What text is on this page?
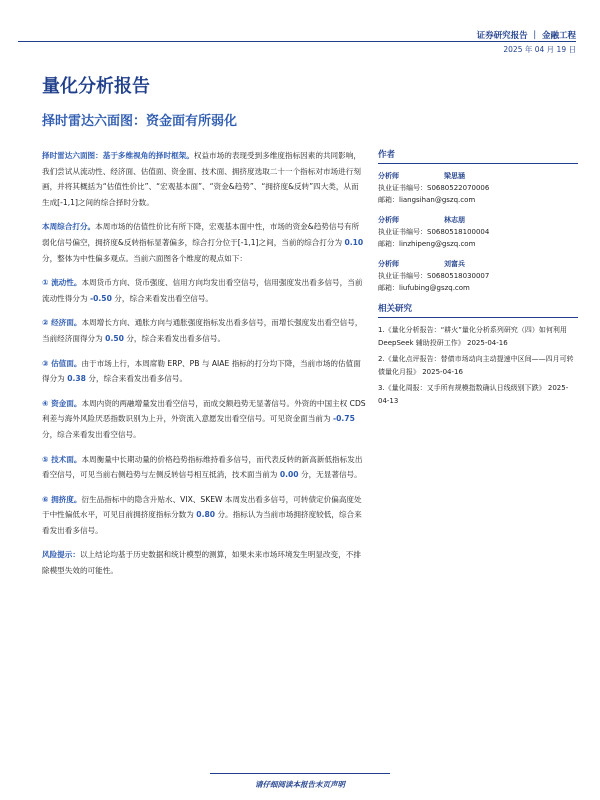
证券研究报告 ｜ 金融工程
2025 年 04 月 19 日
量化分析报告
择时雷达六面图：资金面有所弱化

择时雷达六面图：基于多维视角的择时框架。权益市场的表现受到多维度指标因素的共同影响，我们尝试从流动性、经济面、估值面、资金面、技术面、拥挤度选取二十一个指标对市场进行刻画，并将其概括为“估值性价比”、“宏观基本面”、“资金&趋势”、“拥挤度&反转”四大类，从而生成[-1,1]之间的综合择时分数。

本周综合打分。本周市场的估值性价比有所下降，宏观基本面中性，市场的资金&趋势信号有所弱化信号偏空，拥挤度&反转指标显著偏多，综合打分位于[-1,1]之间，当前的综合打分为 0.10 分，整体为中性偏多观点。当前六面图各个维度的观点如下：

① 流动性。本周货币方向、货币强度、信用方向均发出看空信号，信用强度发出看多信号，当前流动性得分为 -0.50 分，综合来看发出看空信号。

② 经济面。本周增长方向、通胀方向与通胀强度指标发出看多信号，而增长强度发出看空信号，当前经济面得分为 0.50 分，综合来看发出看多信号。

③ 估值面。由于市场上行，本周席勒 ERP、PB 与 AIAE 指标的打分均下降，当前市场的估值面得分为 0.38 分，综合来看发出看多信号。

④ 资金面。本周内资的两融增量发出看空信号，而成交额趋势无显著信号。外资的中国主权 CDS 利差与海外风险厌恶指数识别为上升，外资流入意愿发出看空信号。可见资金面当前为 -0.75 分，综合来看发出看空信号。

⑤ 技术面。本周衡量中长期动量的价格趋势指标维持看多信号，而代表反转的新高新低指标发出看空信号，可见当前右侧趋势与左侧反转信号相互抵消，技术面当前为 0.00 分，无显著信号。

⑥ 拥挤度。衍生品指标中的隐含升贴水、VIX、SKEW 本周发出看多信号，可转债定价偏高度处于中性偏低水平，可见目前拥挤度指标分数为 0.80 分。指标认为当前市场拥挤度较低，综合来看发出看多信号。

风险提示：以上结论均基于历史数据和统计模型的测算，如果未来市场环境发生明显改变，不排除模型失效的可能性。

作者
分析师	梁思涵
执业证书编号：S0680522070006
邮箱：liangsihan@gszq.com
分析师	林志朋
执业证书编号：S0680518100004
邮箱：linzhipeng@gszq.com
分析师	刘富兵
执业证书编号：S0680518030007
邮箱：liufubing@gszq.com
相关研究
1.《量化分析报告：“耕火”量化分析系列研究（四）如何利用 DeepSeek 辅助投研工作》 2025-04-16
2.《量化点评报告：替债市场动向主动提速中区间——四月可转债量化月报》 2025-04-16
3.《量化周报：又手所有规模指数确认日线级别下跌》 2025-04-13
请仔细阅读本报告末页声明
